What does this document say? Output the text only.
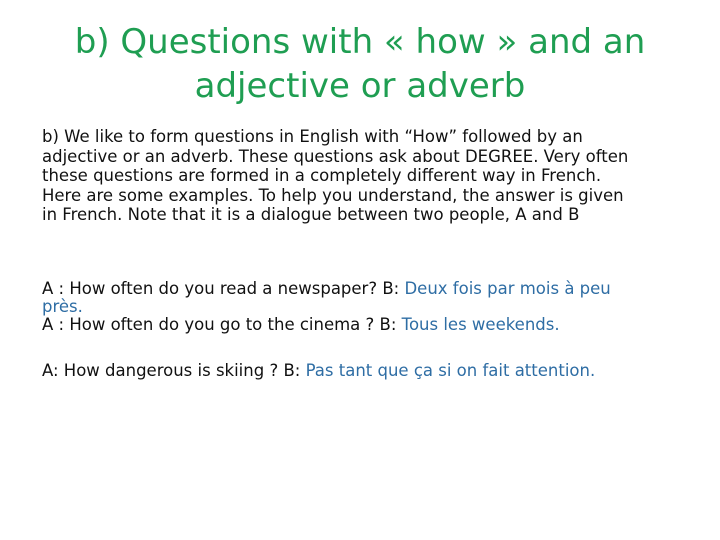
b) Questions with « how » and an
adjective or adverb
b) We like to form questions in English with “How” followed by an
adjective or an adverb. These questions ask about DEGREE. Very often
these questions are formed in a completely different way in French.
Here are some examples. To help you understand, the answer is given
in French. Note that it is a dialogue between two people, A and B
A : How often do you read a newspaper? B: Deux fois par mois à peu
près.
A : How often do you go to the cinema ? B: Tous les weekends.
A: How dangerous is skiing ? B: Pas tant que ça si on fait attention.
